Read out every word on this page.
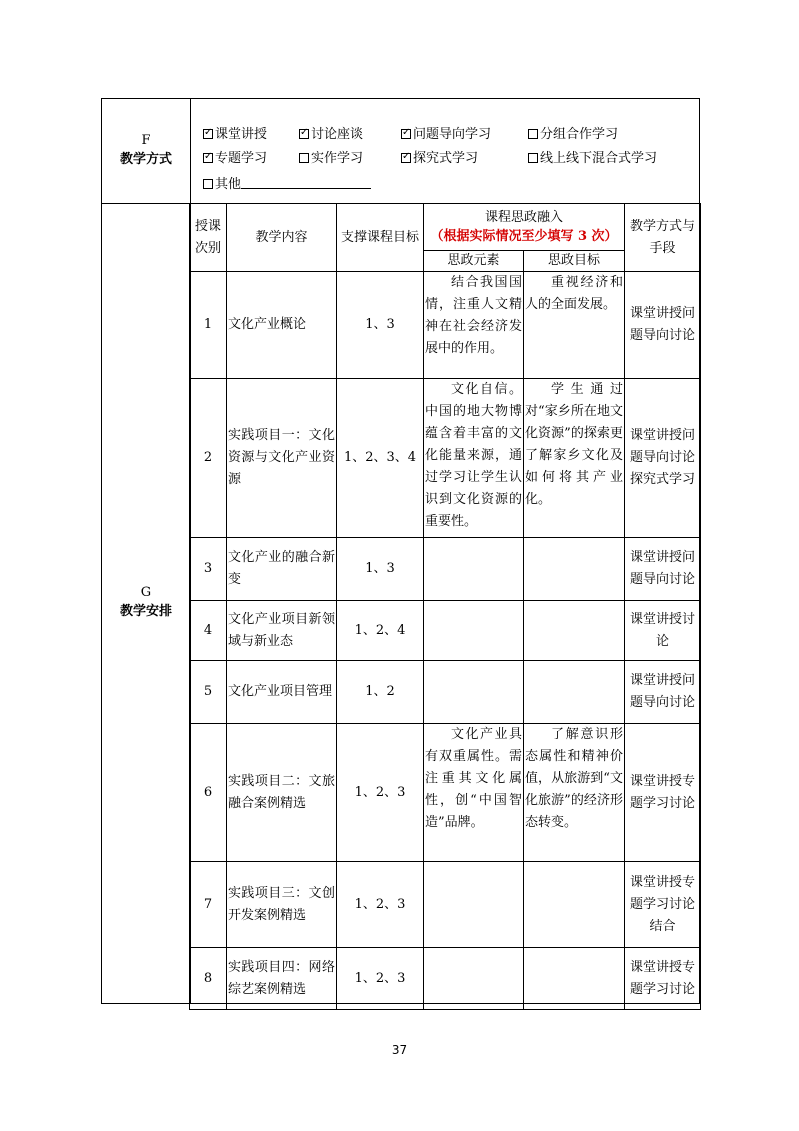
F
教学方式
✓课堂讲授 ✓	讨论座谈 ✓	问题导向学习	分组合作学习
✓专题学习	实作学习 ✓	探究式学习	线上线下混合式学习
其他
G
教学安排
授课次别	教学内容	支撑课程目标	课程思政融入
（根据实际情况至少填写 3 次）		教学方式与手段
			思政元素	思政目标	
1	文化产业概论	1、3	结合我国国情，注重人文精神在社会经济发展中的作用。	重视经济和人的全面发展。	课堂讲授问题导向讨论
2	实践项目一：文化资源与文化产业资源	1、2、3、4	文化自信。中国的地大物博蕴含着丰富的文化能量来源，通过学习让学生认识到文化资源的重要性。	学生通过对“家乡所在地文化资源”的探索更了解家乡文化及如何将其产业化。	课堂讲授问题导向讨论探究式学习
3	文化产业的融合新变	1、3			课堂讲授问题导向讨论
4	文化产业项目新领域与新业态	1、2、4			课堂讲授讨论
5	文化产业项目管理	1、2			课堂讲授问题导向讨论
6	实践项目二：文旅融合案例精选	1、2、3	文化产业具有双重属性。需注重其文化属性，创“中国智造”品牌。	了解意识形态属性和精神价值，从旅游到“文化旅游”的经济形态转变。	课堂讲授专题学习讨论
7	实践项目三：文创开发案例精选	1、2、3			课堂讲授专题学习讨论结合
8	实践项目四：网络综艺案例精选	1、2、3			课堂讲授专题学习讨论
37
